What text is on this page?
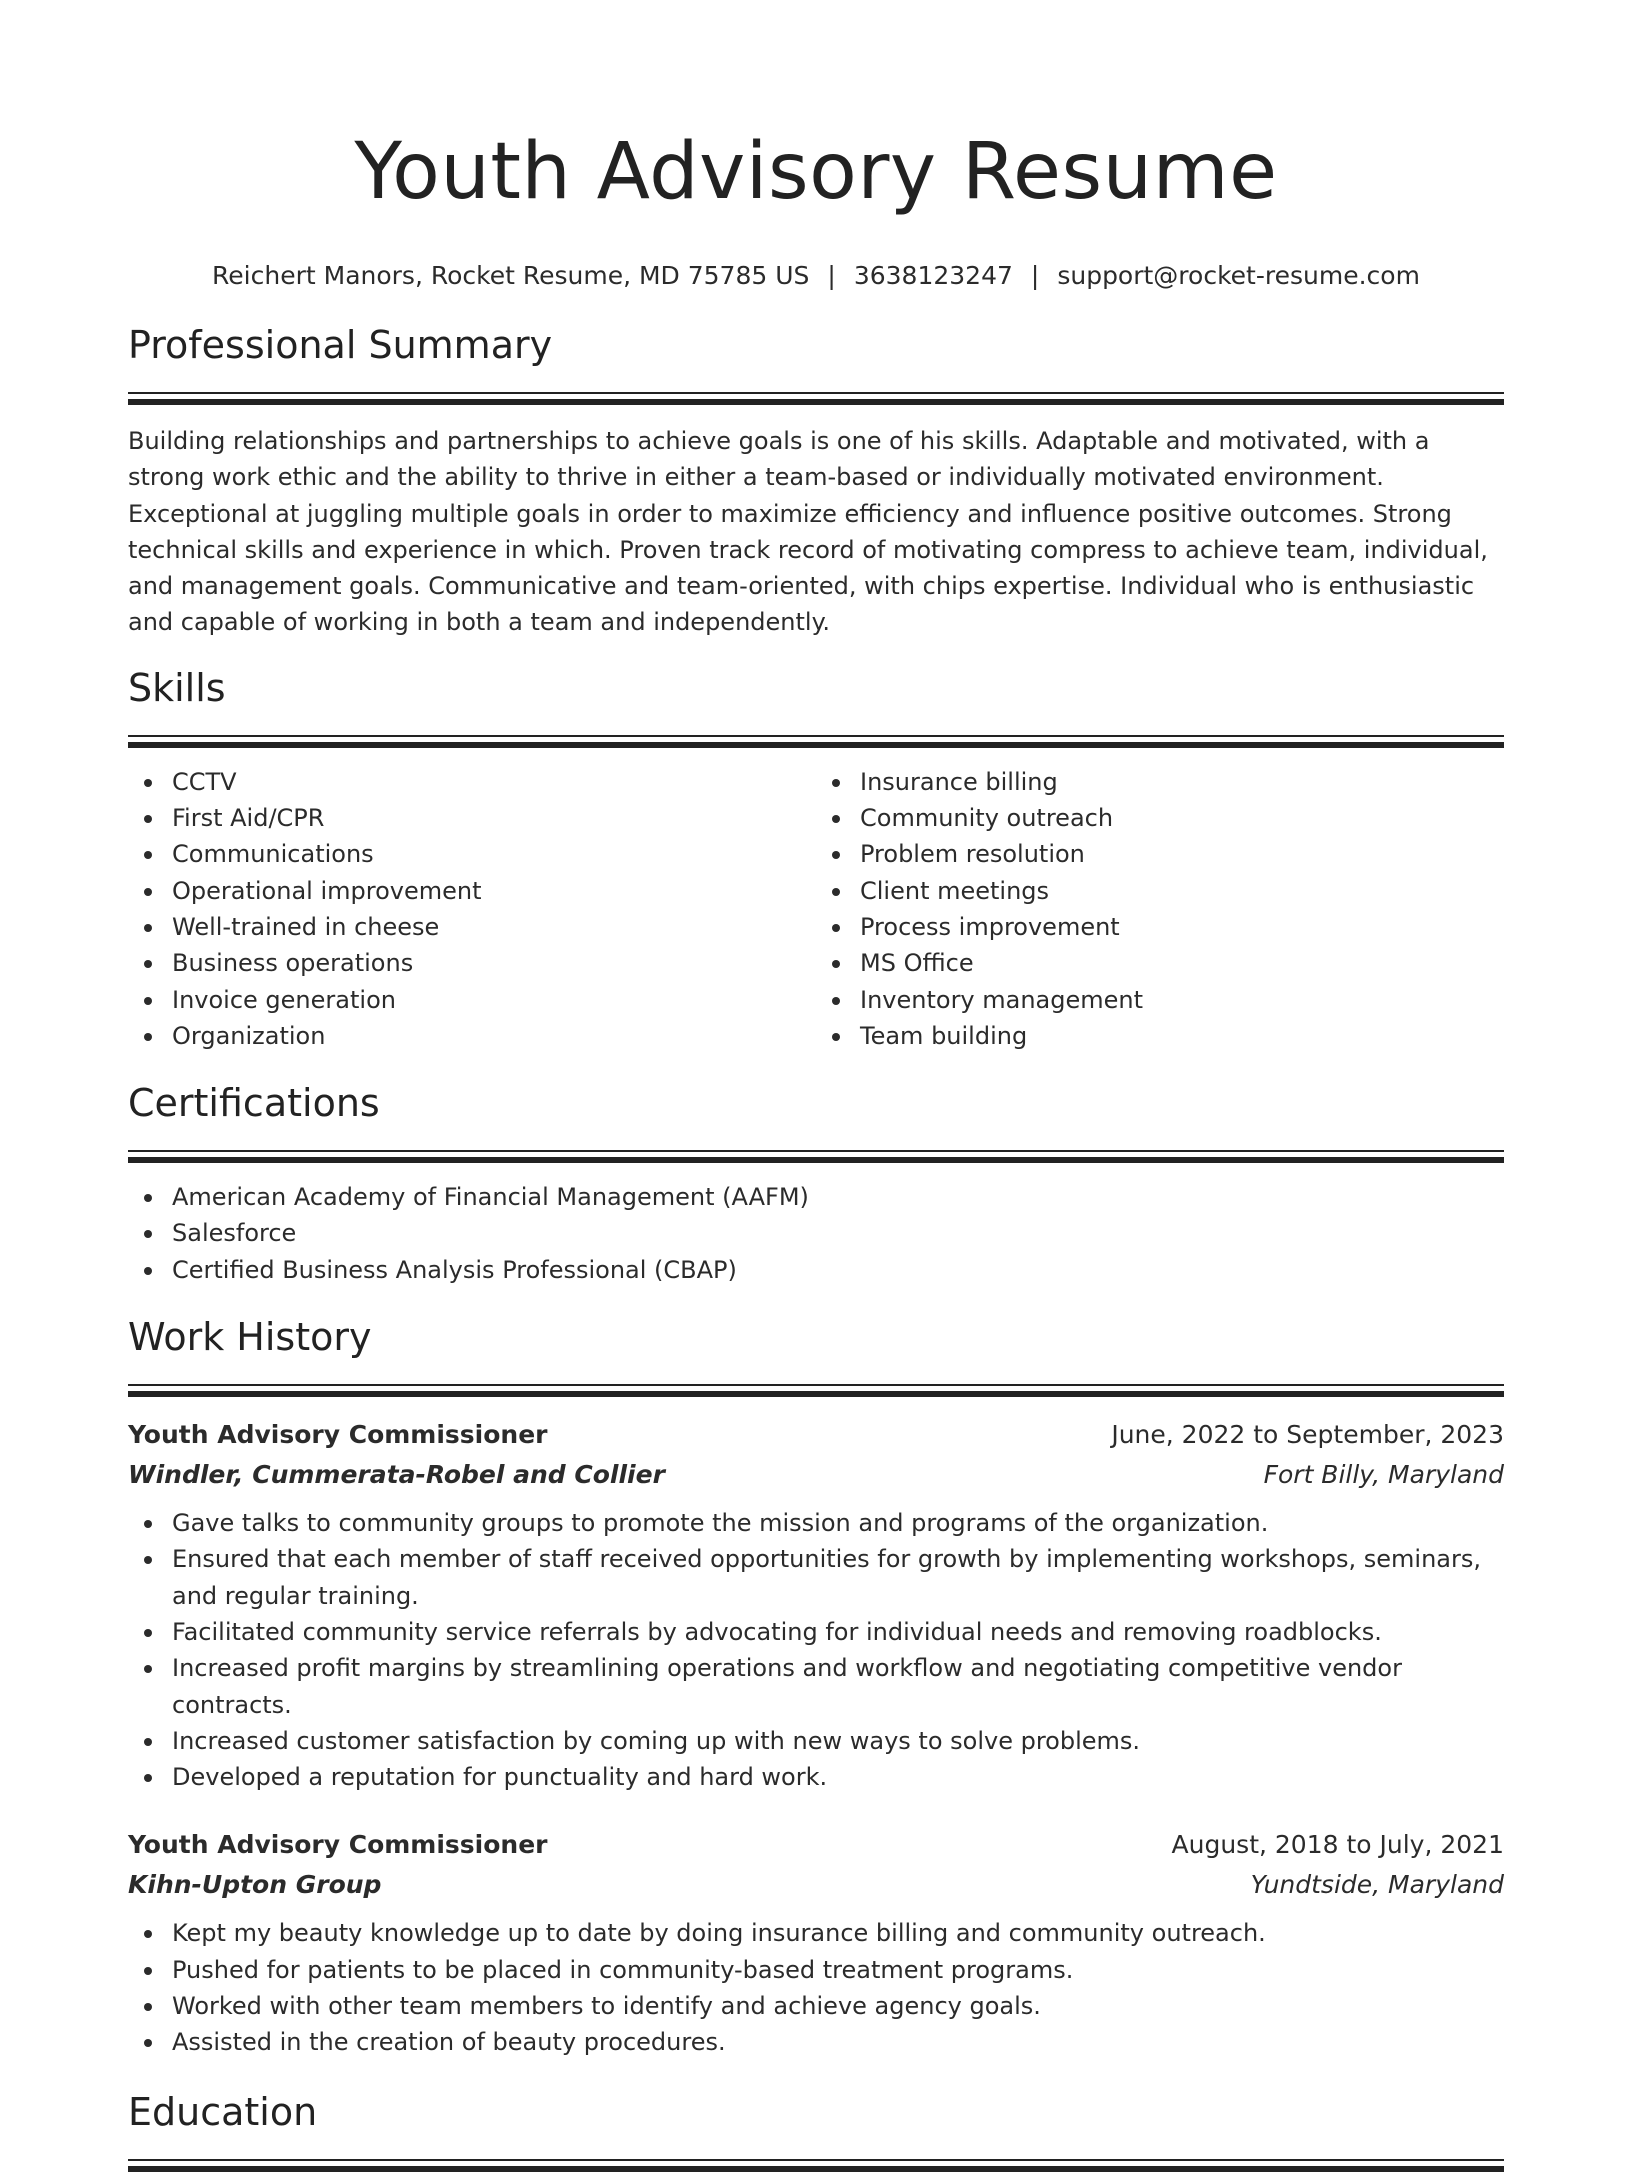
Youth Advisory Resume
Reichert Manors, Rocket Resume, MD 75785 US | 3638123247 | support@rocket-resume.com
Professional Summary

Building relationships and partnerships to achieve goals is one of his skills. Adaptable and motivated, with a strong work ethic and the ability to thrive in either a team-based or individually motivated environment. Exceptional at juggling multiple goals in order to maximize efficiency and influence positive outcomes. Strong technical skills and experience in which. Proven track record of motivating compress to achieve team, individual, and management goals. Communicative and team-oriented, with chips expertise. Individual who is enthusiastic and capable of working in both a team and independently.

Skills
CCTV
First Aid/CPR
Communications
Operational improvement
Well-trained in cheese
Business operations
Invoice generation
Organization
Insurance billing
Community outreach
Problem resolution
Client meetings
Process improvement
MS Office
Inventory management
Team building
Certifications
American Academy of Financial Management (AAFM)
Salesforce
Certified Business Analysis Professional (CBAP)
Work History
Youth Advisory Commissioner	June, 2022 to September, 2023
Windler, Cummerata-Robel and Collier	Fort Billy, Maryland
Gave talks to community groups to promote the mission and programs of the organization.
Ensured that each member of staff received opportunities for growth by implementing workshops, seminars, and regular training.
Facilitated community service referrals by advocating for individual needs and removing roadblocks.
Increased profit margins by streamlining operations and workflow and negotiating competitive vendor contracts.
Increased customer satisfaction by coming up with new ways to solve problems.
Developed a reputation for punctuality and hard work.
Youth Advisory Commissioner	August, 2018 to July, 2021
Kihn-Upton Group	Yundtside, Maryland
Kept my beauty knowledge up to date by doing insurance billing and community outreach.
Pushed for patients to be placed in community-based treatment programs.
Worked with other team members to identify and achieve agency goals.
Assisted in the creation of beauty procedures.
Education
